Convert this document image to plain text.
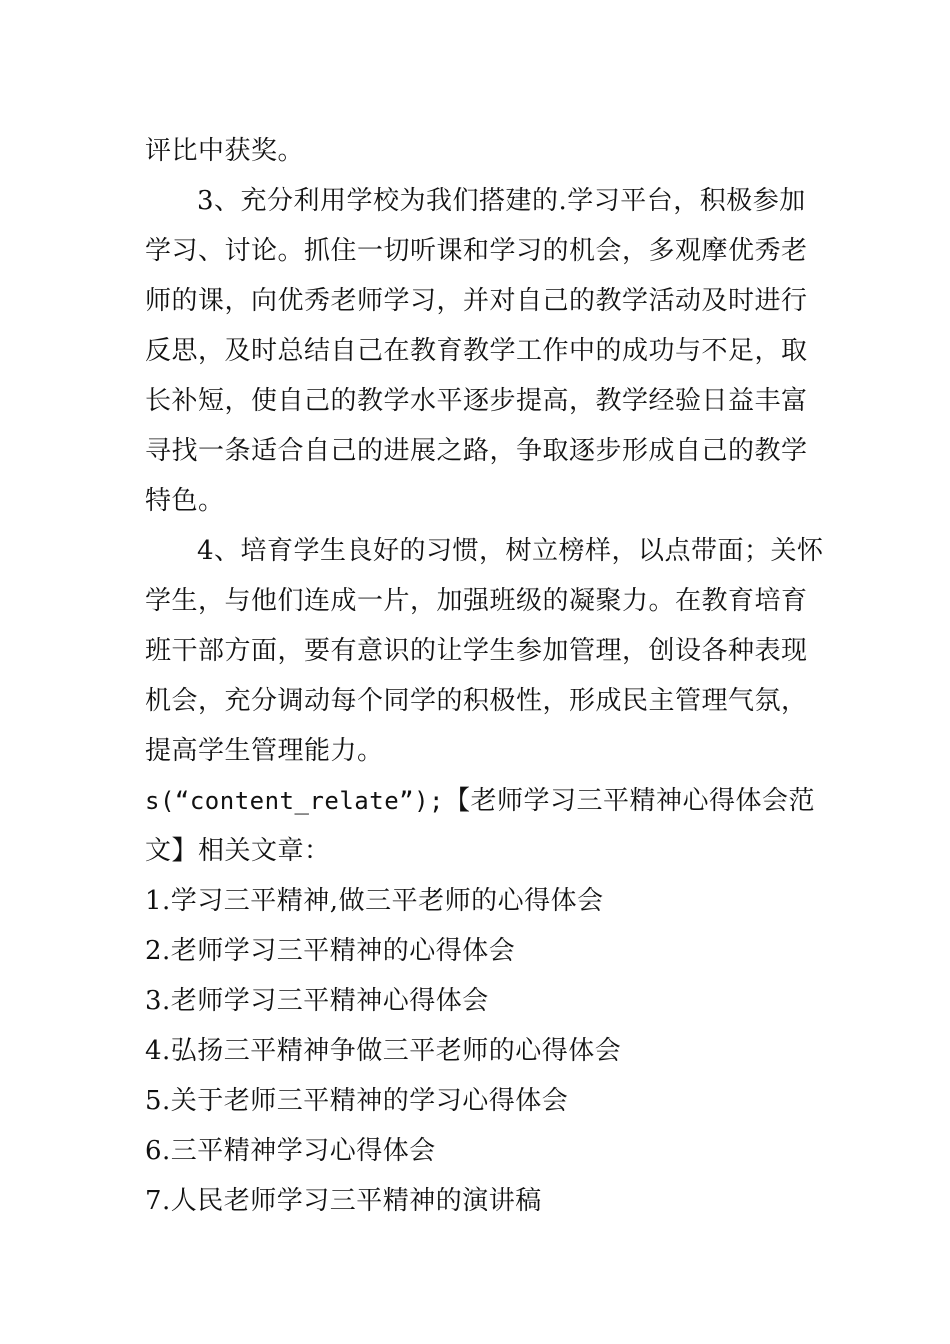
评比中获奖。
3、充分利用学校为我们搭建的.学习平台，积极参加
学习、讨论。抓住一切听课和学习的机会，多观摩优秀老
师的课，向优秀老师学习，并对自己的教学活动及时进行
反思，及时总结自己在教育教学工作中的成功与不足，取
长补短，使自己的教学水平逐步提高，教学经验日益丰富
寻找一条适合自己的进展之路，争取逐步形成自己的教学
特色。
4、培育学生良好的习惯，树立榜样，以点带面；关怀
学生，与他们连成一片，加强班级的凝聚力。在教育培育
班干部方面，要有意识的让学生参加管理，创设各种表现
机会，充分调动每个同学的积极性，形成民主管理气氛，
提高学生管理能力。
s(“content_relate”);【老师学习三平精神心得体会范
文】相关文章：
1.学习三平精神,做三平老师的心得体会
2.老师学习三平精神的心得体会
3.老师学习三平精神心得体会
4.弘扬三平精神争做三平老师的心得体会
5.关于老师三平精神的学习心得体会
6.三平精神学习心得体会
7.人民老师学习三平精神的演讲稿
